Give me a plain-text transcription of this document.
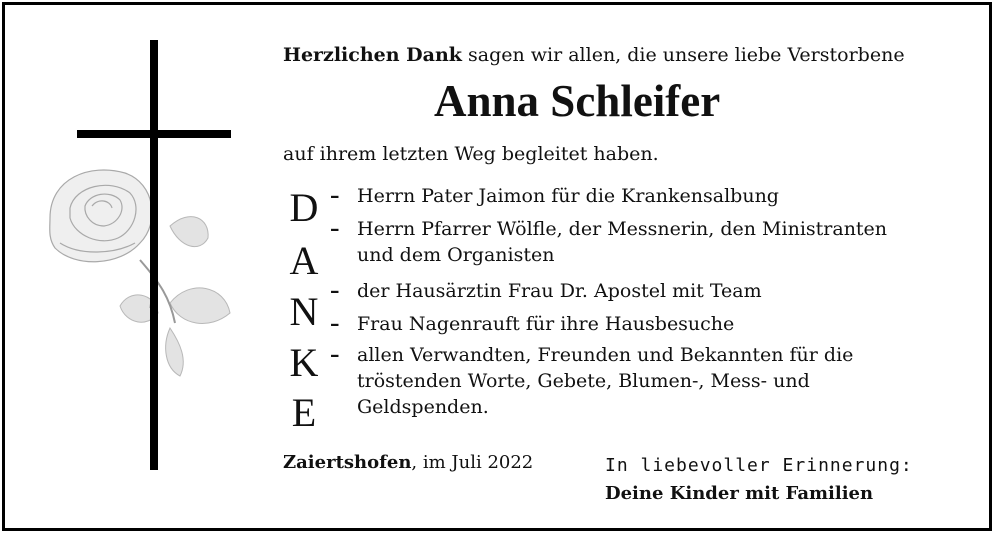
Herzlichen Dank sagen wir allen, die unsere liebe Verstorbene
Anna Schleifer
auf ihrem letzten Weg begleitet haben.
D
A
N
K
E
– Herrn Pater Jaimon für die Krankensalbung
– Herrn Pfarrer Wölfle, der Messnerin, den Ministranten
und dem Organisten
– der Hausärztin Frau Dr. Apostel mit Team
– Frau Nagenrauft für ihre Hausbesuche
– allen Verwandten, Freunden und Bekannten für die
tröstenden Worte, Gebete, Blumen-, Mess- und
Geldspenden.
Zaiertshofen, im Juli 2022	In liebevoller Erinnerung:
Deine Kinder mit Familien
